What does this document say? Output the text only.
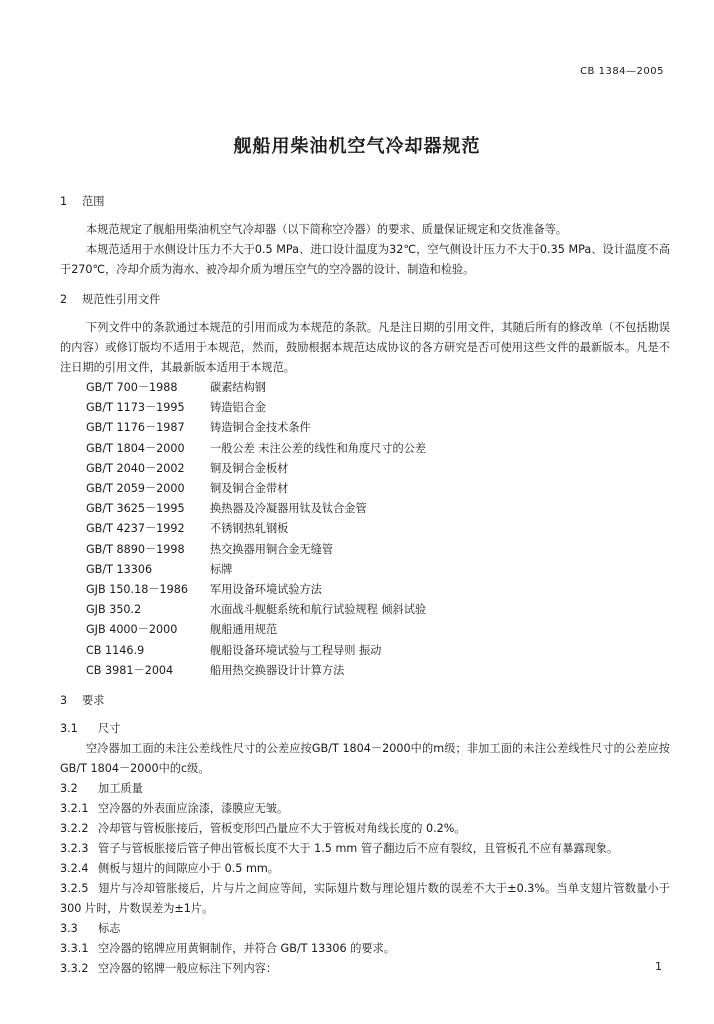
CB 1384—2005
舰船用柴油机空气冷却器规范

1 范围

本规范规定了舰船用柴油机空气冷却器（以下简称空冷器）的要求、质量保证规定和交货准备等。

本规范适用于水侧设计压力不大于0.5 MPa、进口设计温度为32℃，空气侧设计压力不大于0.35 MPa、设计温度不高于270℃，冷却介质为海水、被冷却介质为增压空气的空冷器的设计、制造和检验。

2 规范性引用文件

下列文件中的条款通过本规范的引用而成为本规范的条款。凡是注日期的引用文件，其随后所有的修改单（不包括勘误的内容）或修订版均不适用于本规范，然而，鼓励根据本规范达成协议的各方研究是否可使用这些文件的最新版本。凡是不注日期的引用文件，其最新版本适用于本规范。

GB/T 700－1988	碳素结构钢
GB/T 1173－1995 铸造铝合金
GB/T 1176－1987 铸造铜合金技术条件
GB/T 1804－2000 一般公差 未注公差的线性和角度尺寸的公差
GB/T 2040－2002 铜及铜合金板材
GB/T 2059－2000 铜及铜合金带材
GB/T 3625－1995 换热器及冷凝器用钛及钛合金管
GB/T 4237－1992 不锈钢热轧钢板
GB/T 8890－1998 热交换器用铜合金无缝管
GB/T 13306	标牌
GJB 150.18－1986 军用设备环境试验方法
GJB 350.2	水面战斗舰艇系统和航行试验规程 倾斜试验
GJB 4000－2000	舰船通用规范
CB 1146.9	舰船设备环境试验与工程导则 振动
CB 3981－2004	船用热交换器设计计算方法

3 要求

3.1 尺寸

空冷器加工面的未注公差线性尺寸的公差应按GB/T 1804－2000中的m级；非加工面的未注公差线性尺寸的公差应按GB/T 1804－2000中的c级。

3.2 加工质量

3.2.1 空冷器的外表面应涂漆，漆膜应无皱。

3.2.2 冷却管与管板胀接后，管板变形凹凸量应不大于管板对角线长度的 0.2%。

3.2.3 管子与管板胀接后管子伸出管板长度不大于 1.5 mm 管子翻边后不应有裂纹，且管板孔不应有暴露现象。

3.2.4 侧板与翅片的间隙应小于 0.5 mm。

3.2.5 翅片与冷却管胀接后，片与片之间应等间，实际翅片数与理论翅片数的误差不大于±0.3%。当单支翅片管数量小于 300 片时，片数误差为±1片。

3.3 标志

3.3.1 空冷器的铭牌应用黄铜制作，并符合 GB/T 13306 的要求。

3.3.2 空冷器的铭牌一般应标注下列内容：	1
